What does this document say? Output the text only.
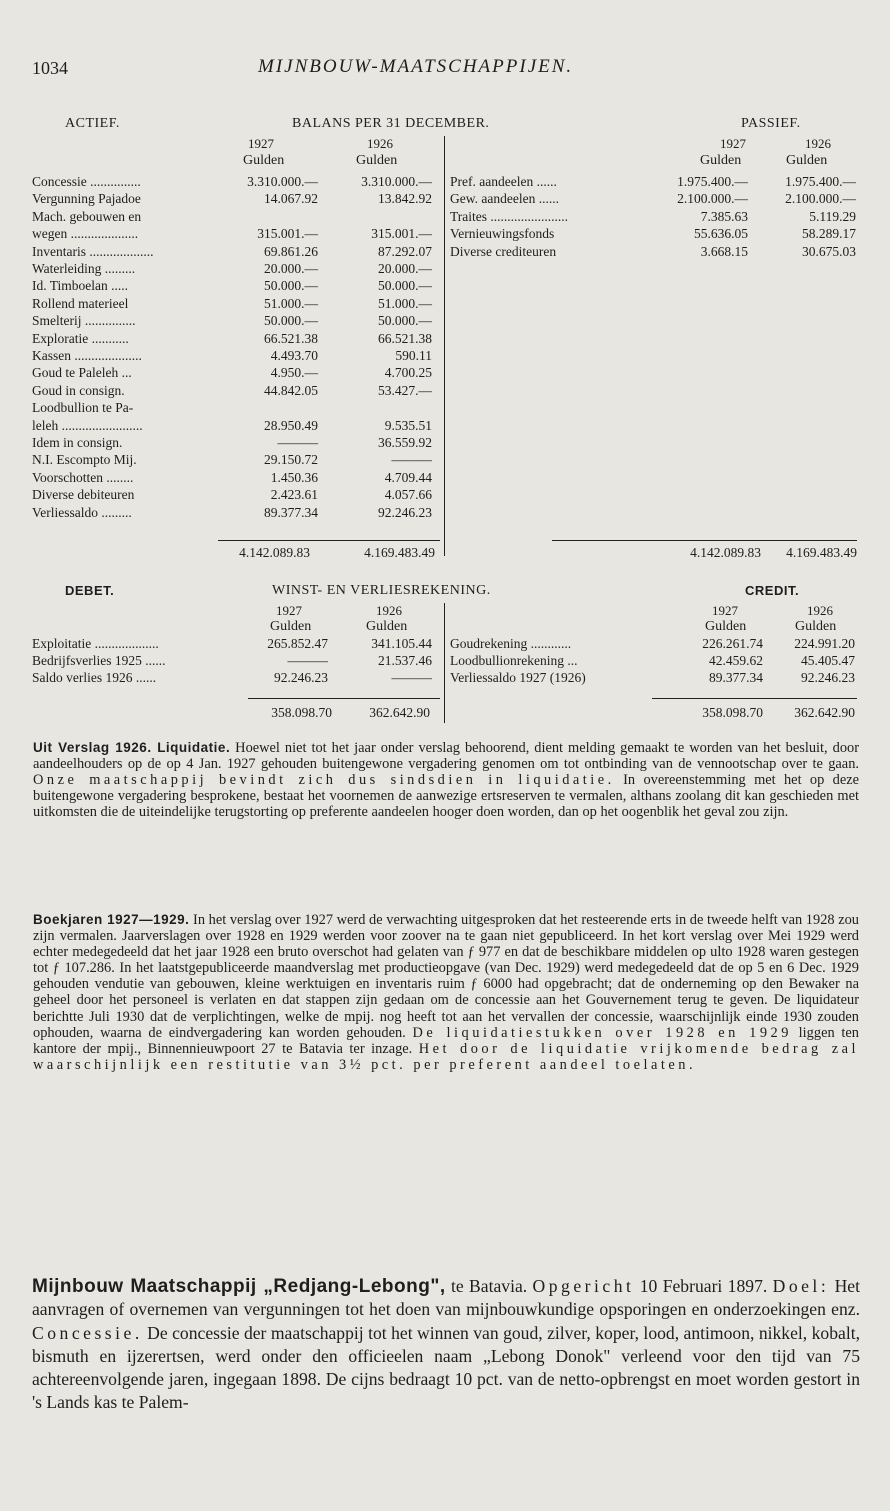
1034	MIJNBOUW-MAATSCHAPPIJEN.
ACTIEF.	BALANS PER 31 DECEMBER.	PASSIEF.
1927	1926
Gulden	Gulden
1927	1926
Gulden	Gulden
Concessie ...............	3.310.000.—	3.310.000.—
Vergunning Pajadoe	14.067.92	13.842.92
Mach. gebouwen en
wegen ....................	315.001.—	315.001.—
Inventaris ...................	69.861.26	87.292.07
Waterleiding .........	20.000.—	20.000.—
Id. Timboelan .....	50.000.—	50.000.—
Rollend materieel	51.000.—	51.000.—
Smelterij ...............	50.000.—	50.000.—
Exploratie ...........	66.521.38	66.521.38
Kassen ....................	4.493.70	590.11
Goud te Paleleh ...	4.950.—	4.700.25
Goud in consign.	44.842.05	53.427.—
Loodbullion te Pa-
leleh ........................	28.950.49	9.535.51
Idem in consign.	———	36.559.92
N.I. Escompto Mij.	29.150.72	———
Voorschotten ........	1.450.36	4.709.44
Diverse debiteuren	2.423.61	4.057.66
Verliessaldo .........	89.377.34	92.246.23
Pref. aandeelen ......	1.975.400.—	1.975.400.—
Gew. aandeelen ......	2.100.000.—	2.100.000.—
Traites .......................	7.385.63	5.119.29
Vernieuwingsfonds	55.636.05	58.289.17
Diverse crediteuren	3.668.15	30.675.03
4.142.089.83	4.169.483.49	4.142.089.83 4.169.483.49
DEBET.	WINST- EN VERLIESREKENING.	CREDIT.
1927	1926
Gulden	Gulden
1927	1926
Gulden	Gulden
Exploitatie ...................	265.852.47	341.105.44
Bedrijfsverlies 1925 ......	———	21.537.46
Saldo verlies 1926 ......	92.246.23	———
Goudrekening ............	226.261.74 224.991.20
Loodbullionrekening ...	42.459.62	45.405.47
Verliessaldo 1927 (1926)	89.377.34	92.246.23
358.098.70	362.642.90	358.098.70 362.642.90
Uit Verslag 1926. Liquidatie. Hoewel niet tot het jaar onder verslag behoorend, dient melding gemaakt te worden van het besluit, door aandeelhouders op de op 4 Jan. 1927 gehouden buitengewone vergadering genomen om tot ontbinding van de vennootschap over te gaan. Onze maatschappij bevindt zich dus sindsdien in liquidatie. In overeenstemming met het op deze buitengewone vergadering besprokene, bestaat het voornemen de aanwezige ertsreserven te vermalen, althans zoolang dit kan geschieden met uitkomsten die de uiteindelijke terugstorting op preferente aandeelen hooger doen worden, dan op het oogenblik het geval zou zijn.
Boekjaren 1927—1929. In het verslag over 1927 werd de verwachting uitgesproken dat het resteerende erts in de tweede helft van 1928 zou zijn vermalen. Jaarverslagen over 1928 en 1929 werden voor zoover na te gaan niet gepubliceerd. In het kort verslag over Mei 1929 werd echter medegedeeld dat het jaar 1928 een bruto overschot had gelaten van ƒ 977 en dat de beschikbare middelen op ulto 1928 waren gestegen tot ƒ 107.286. In het laatstgepubliceerde maandverslag met productieopgave (van Dec. 1929) werd medegedeeld dat de op 5 en 6 Dec. 1929 gehouden vendutie van gebouwen, kleine werktuigen en inventaris ruim ƒ 6000 had opgebracht; dat de onderneming op den Bewaker na geheel door het personeel is verlaten en dat stappen zijn gedaan om de concessie aan het Gouvernement terug te geven. De liquidateur berichtte Juli 1930 dat de verplichtingen, welke de mpij. nog heeft tot aan het vervallen der concessie, waarschijnlijk einde 1930 zouden ophouden, waarna de eindvergadering kan worden gehouden. De liquidatiestukken over 1928 en 1929 liggen ten kantore der mpij., Binnennieuwpoort 27 te Batavia ter inzage. Het door de liquidatie vrijkomende bedrag zal waarschijnlijk een restitutie van 3½ pct. per preferent aandeel toelaten.
Mijnbouw Maatschappij „Redjang-Lebong", te Batavia. Opgericht 10 Februari 1897. Doel: Het aanvragen of overnemen van vergunningen tot het doen van mijnbouwkundige opsporingen en onderzoekingen enz. Concessie. De concessie der maatschappij tot het winnen van goud, zilver, koper, lood, antimoon, nikkel, kobalt, bismuth en ijzerertsen, werd onder den officieelen naam „Lebong Donok" verleend voor den tijd van 75 achtereenvolgende jaren, ingegaan 1898. De cijns bedraagt 10 pct. van de netto-opbrengst en moet worden gestort in 's Lands kas te Palem-
